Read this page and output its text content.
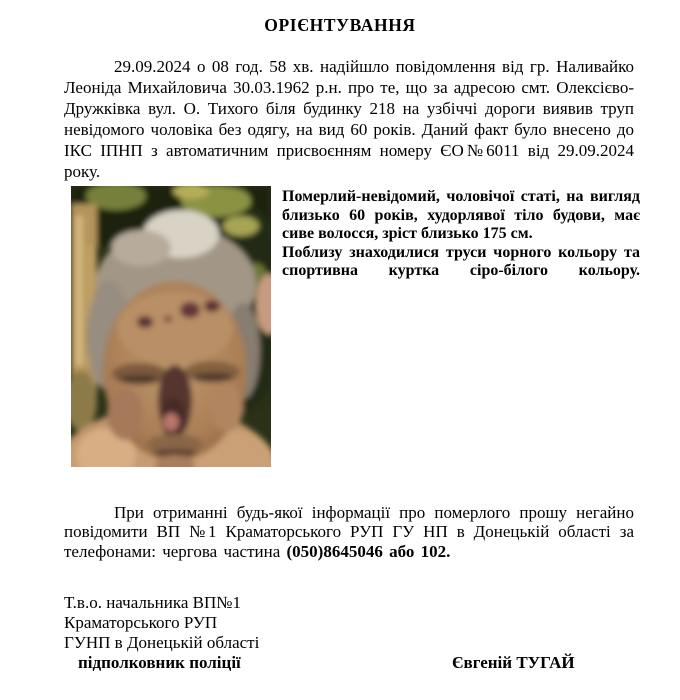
ОРІЄНТУВАННЯ

29.09.2024 о 08 год. 58 хв. надійшло повідомлення від гр. Наливайко Леоніда Михайловича 30.03.1962 р.н. про те, що за адресою смт. Олексієво-Дружківка вул. О. Тихого біля будинку 218 на узбіччі дороги виявив труп невідомого чоловіка без одягу, на вид 60 років. Даний факт було внесено до ІКС ІПНП з автоматичним присвоєнням номеру ЄО№6011 від 29.09.2024 року.

Померлий-невідомий, чоловічої статі, на вигляд близько 60 років, худорлявої тіло будови, має сиве волосся, зріст близько 175 см.

Поблизу знаходилися труси чорного кольору та спортивна куртка сіро-білого кольору.

При отриманні будь-якої інформації про померлого прошу негайно повідомити ВП №1 Краматорського РУП ГУ НП в Донецькій області за телефонами: чергова частина (050)8645046 або 102.

Т.в.о. начальника ВП№1

Краматорського РУП

ГУНП в Донецькій області

підполковник поліції	Євгеній ТУГАЙ
